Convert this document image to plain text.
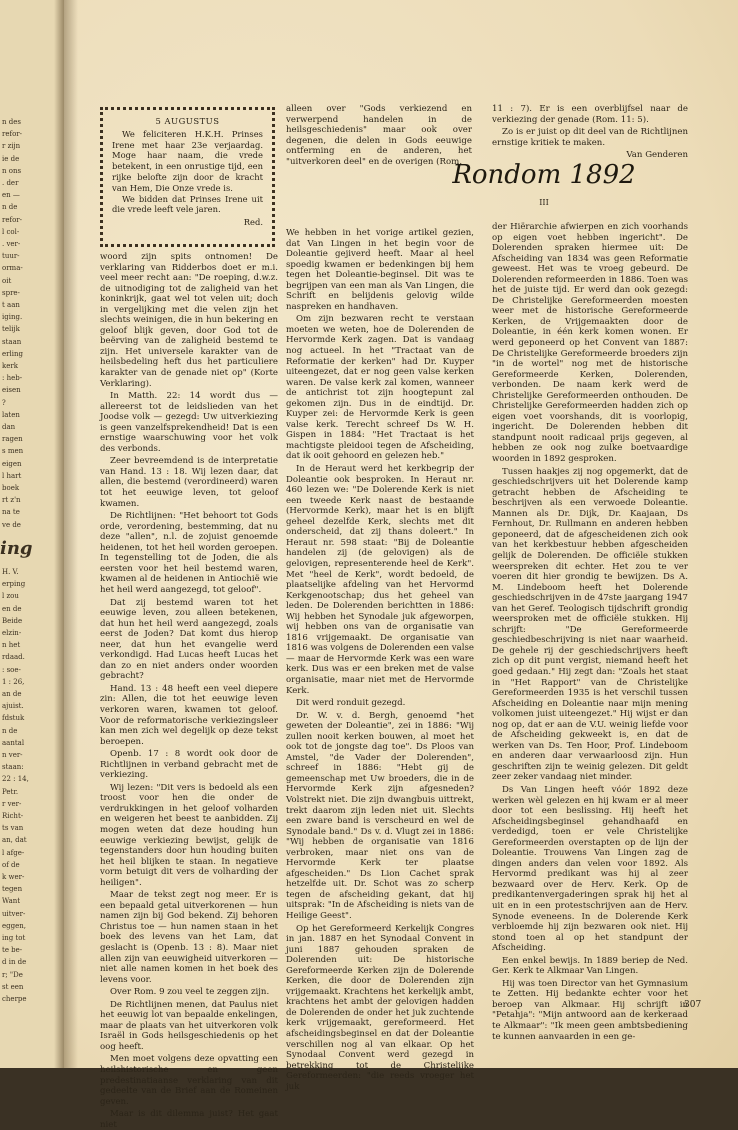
n des
refor-
r zijn
ie de
n ons
. der
en —
n de
refor-
l col-
. ver-
tuur-
orma-
oit
spre-
t aan
iging.
telijk
staan
erling
kerk
: heb-
eisen
?
laten
dan
ragen
s men
eigen
l hart
boek
rt z'n
na te
ve de
H. V.
erping
l zou
en de
Beide
elzin-
n het
rdaad.
: soe-
1 : 26,
an de
ajuist.
fdstuk
n de
aantal
n ver-
staan:
22 : 14,
Petr.
r ver-
Richt-
ts van
an, dat
l afge-
of de
k wer-
tegen
Want
uitver-
eggen,
ing tot
te be-
d in de
r; "De
st een
cherpe
ing
5 AUGUSTUS

We feliciteren H.K.H. Prinses Irene met haar 23e verjaardag. Moge haar naam, die vrede betekent, in een onrustige tijd, een rijke belofte zijn door de kracht van Hem, Die Onze vrede is.

We bidden dat Prinses Irene uit die vrede leeft vele jaren.

Red.

alleen over "Gods verkiezend en verwerpend handelen in de heilsgeschiedenis" maar ook over degenen, die delen in Gods eeuwige ontferming en de anderen, het "uitverkoren deel" en de overigen (Rom.

11 : 7). Er is een overblijfsel naar de verkiezing der genade (Rom. 11: 5).

Zo is er juist op dit deel van de Richtlijnen ernstige kritiek te maken.

Van Genderen
Rondom 1892
III

woord zijn spits ontnomen! De verklaring van Ridderbos doet er m.i. veel meer recht aan: "De roeping, d.w.z. de uitnodiging tot de zaligheid van het koninkrijk, gaat wel tot velen uit; doch in vergelijking met die velen zijn het slechts weinigen, die in hun bekering en geloof blijk geven, door God tot de beërving van de zaligheid bestemd te zijn. Het universele karakter van de heilsbedeling heft dus het particuliere karakter van de genade niet op" (Korte Verklaring).

In Matth. 22: 14 wordt dus — allereerst tot de leidslieden van het Joodse volk — gezegd: Uw uitverkiezing is geen vanzelfsprekendheid! Dat is een ernstige waarschuwing voor het volk des verbonds.

Zeer bevreemdend is de interpretatie van Hand. 13 : 18. Wij lezen daar, dat allen, die bestemd (verordineerd) waren tot het eeuwige leven, tot geloof kwamen.

De Richtlijnen: "Het behoort tot Gods orde, verordening, bestemming, dat nu deze "allen", n.l. de zojuist genoemde heidenen, tot het heil worden geroepen. In tegenstelling tot de Joden, die als eersten voor het heil bestemd waren, kwamen al de heidenen in Antiochië wie het heil werd aangezegd, tot geloof".

Dat zij bestemd waren tot het eeuwige leven, zou alleen betekenen, dat hun het heil werd aangezegd, zoals eerst de Joden? Dat komt dus hierop neer, dat hun het evangelie werd verkondigd. Had Lucas heeft Lucas het dan zo en niet anders onder woorden gebracht?

Hand. 13 : 48 heeft een veel diepere zin: Allen, die tot het eeuwige leven verkoren waren, kwamen tot geloof. Voor de reformatorische verkiezingsleer kan men zich wel degelijk op deze tekst beroepen.

Openb. 17 : 8 wordt ook door de Richtlijnen in verband gebracht met de verkiezing.

Wij lezen: "Dit vers is bedoeld als een troost voor hen die onder de verdrukkingen in het geloof volharden en weigeren het beest te aanbidden. Zij mogen weten dat deze houding hun eeuwige verkiezing bewijst, gelijk de tegenstanders door hun houding buiten het heil blijken te staan. In negatieve vorm betuigt dit vers de volharding der heiligen".

Maar de tekst zegt nog meer. Er is een bepaald getal uitverkorenen — hun namen zijn bij God bekend. Zij behoren Christus toe — hun namen staan in het boek des levens van het Lam, dat geslacht is (Openb. 13 : 8). Maar niet allen zijn van eeuwigheid uitverkoren — niet alle namen komen in het boek des levens voor.

Over Rom. 9 zou veel te zeggen zijn.

De Richtlijnen menen, dat Paulus niet het eeuwig lot van bepaalde enkelingen, maar de plaats van het uitverkoren volk Israël in Gods heilsgeschiedenis op het oog heeft.

Men moet volgens deze opvatting een heilshistorische en geen predestinatiaanse verklaring van dit gedeelte van de Brief aan de Romeinen geven.

Maar is dit dilemma juist? Het gaat niet

We hebben in het vorige artikel gezien, dat Van Lingen in het begin voor de Doleantie gejiverd heeft. Maar al heel spoedig kwamen er bedenkingen bij hem tegen het Doleantie-beginsel. Dit was te begrijpen van een man als Van Lingen, die Schrift en belijdenis gelovig wilde naspreken en handhaven.

Om zijn bezwaren recht te verstaan moeten we weten, hoe de Dolerenden de Hervormde Kerk zagen. Dat is vandaag nog actueel. In het "Tractaat van de Reformatie der kerken" had Dr. Kuyper uiteengezet, dat er nog geen valse kerken waren. De valse kerk zal komen, wanneer de antichrist tot zijn hoogtepunt zal gekomen zijn. Dus in de eindtijd. Dr. Kuyper zei: de Hervormde Kerk is geen valse kerk. Terecht schreef Ds W. H. Gispen in 1884: "Het Tractaat is het machtigste pleidooi tegen de Afscheiding, dat ik ooit gehoord en gelezen heb."

In de Heraut werd het kerkbegrip der Doleantie ook besproken. In Heraut nr. 460 lezen we: "De Dolerende Kerk is niet een tweede Kerk naast de bestaande (Hervormde Kerk), maar het is en blijft geheel dezelfde Kerk, slechts met dit onderscheid, dat zij thans doleert." In Heraut nr. 598 staat: "Bij de Doleantie handelen zij (de gelovigen) als de gelovigen, representerende heel de Kerk". Met "heel de Kerk", wordt bedoeld, de plaatselijke afdeling van het Hervormd Kerkgenootschap; dus het geheel van leden. De Dolerenden berichtten in 1886: Wij hebben het Synodale juk afgeworpen, wij hebben ons van de organisatie van 1816 vrijgemaakt. De organisatie van 1816 was volgens de Dolerenden een valse — maar de Hervormde Kerk was een ware kerk. Dus was er een breken met de valse organisatie, maar niet met de Hervormde Kerk.

Dit werd ronduit gezegd.

Dr. W. v. d. Bergh, genoemd "het geweten der Doleantie", zei in 1886: "Wij zullen nooit kerken bouwen, al moet het ook tot de jongste dag toe". Ds Ploos van Amstel, "de Vader der Dolerenden", schreef in 1886: "Hebt gij de gemeenschap met Uw broeders, die in de Hervormde Kerk zijn afgesneden? Volstrekt niet. Die zijn dwangbuis uittrekt, trekt daarom zijn leden niet uit. Slechts een zware band is verscheurd en wel de Synodale band." Ds v. d. Vlugt zei in 1886: "Wij hebben de organisatie van 1816 verbroken, maar niet ons van de Hervormde Kerk ter plaatse afgescheiden." Ds Lion Cachet sprak hetzelfde uit. Dr. Schot was zo scherp tegen de afscheiding gekant, dat hij uitsprak: "In de Afscheiding is niets van de Heilige Geest".

Op het Gereformeerd Kerkelijk Congres in jan. 1887 en het Synodaal Convent in juni 1887 gehouden spraken de Dolerenden uit: De historische Gereformeerde Kerken zijn de Dolerende Kerken, die door de Dolerenden zijn vrijgemaakt. Krachtens het kerkelijk ambt, krachtens het ambt der gelovigen hadden de Dolerenden de onder het juk zuchtende kerk vrijgemaakt, gereformeerd. Het afscheidingsbeginsel en dat der Doleantie verschillen nog al van elkaar. Op het Synodaal Convent werd gezegd in betrekking tot de Christelijke Gereformeerden: "die reeds vroeger het juk

der Hiërarchie afwierpen en zich voorhands op eigen voet hebben ingericht". De Dolerenden spraken hiermee uit: De Afscheiding van 1834 was geen Reformatie geweest. Het was te vroeg gebeurd. De Dolerenden reformeerden in 1886. Toen was het de juiste tijd. Er werd dan ook gezegd: De Christelijke Gereformeerden moesten weer met de historische Gereformeerde Kerken, de Vrijgemaakten door de Doleantie, in één kerk komen wonen. Er werd geponeerd op het Convent van 1887: De Christelijke Gereformeerde broeders zijn "in de wortel" nog met de historische Gereformeerde Kerken, Dolerenden, verbonden. De naam kerk werd de Christelijke Gereformeerden onthouden. De Christelijke Gereformeerden hadden zich op eigen voet voorshands, dit is voorlopig, ingericht. De Dolerenden hebben dit standpunt nooit radicaal prijs gegeven, al hebben ze ook nog zulke boetvaardige woorden in 1892 gesproken.

Tussen haakjes zij nog opgemerkt, dat de geschiedschrijvers uit het Dolerende kamp getracht hebben de Afscheiding te beschrijven als een verwoede Doleantie. Mannen als Dr. Dijk, Dr. Kaajaan, Ds Fernhout, Dr. Rullmann en anderen hebben geponeerd, dat de afgescheidenen zich ook van het kerkbestuur hebben afgescheiden gelijk de Dolerenden. De officiële stukken weerspreken dit echter. Het zou te ver voeren dit hier grondig te bewijzen. Ds A. M. Lindeboom heeft het Dolerende geschiedschrijven in de 47ste jaargang 1947 van het Geref. Teologisch tijdschrift grondig weersproken met de officiële stukken. Hij schrijft: "De Gereformeerde geschiedbeschrijving is niet naar waarheid. De gehele rij der geschiedschrijvers heeft zich op dit punt vergist, niemand heeft het goed gedaan." Hij zegt dan: "Zoals het staat in "Het Rapport" van de Christelijke Gereformeerden 1935 is het verschil tussen Afscheiding en Doleantie naar mijn mening volkomen juist uiteengezet." Hij wijst er dan nog op, dat er aan de V.U. weinig liefde voor de Afscheiding gekweekt is, en dat de werken van Ds. Ten Hoor, Prof. Lindeboom en anderen daar verwaarloosd zijn. Hun geschriften zijn te weinig gelezen. Dit geldt zeer zeker vandaag niet minder.

Ds Van Lingen heeft vóór 1892 deze werken wèl gelezen en hij kwam er al meer door tot een beslissing. Hij heeft het Afscheidingsbeginsel gehandhaafd en verdedigd, toen er vele Christelijke Gereformeerden overstapten op de lijn der Doleantie. Trouwens Van Lingen zag de dingen anders dan velen voor 1892. Als Hervormd predikant was hij al zeer bezwaard over de Herv. Kerk. Op de predikantenvergaderingen sprak hij het al uit en in een protestschrijven aan de Herv. Synode eveneens. In de Dolerende Kerk verbloemde hij zijn bezwaren ook niet. Hij stond toen al op het standpunt der Afscheiding.

Een enkel bewijs. In 1889 beriep de Ned. Ger. Kerk te Alkmaar Van Lingen.

Hij was toen Director van het Gymnasium te Zetten. Hij bedankte echter voor het beroep van Alkmaar. Hij schrijft in "Petahja": "Mijn antwoord aan de kerkeraad te Alkmaar": "Ik meen geen ambtsbediening te kunnen aanvaarden in een ge-

307
